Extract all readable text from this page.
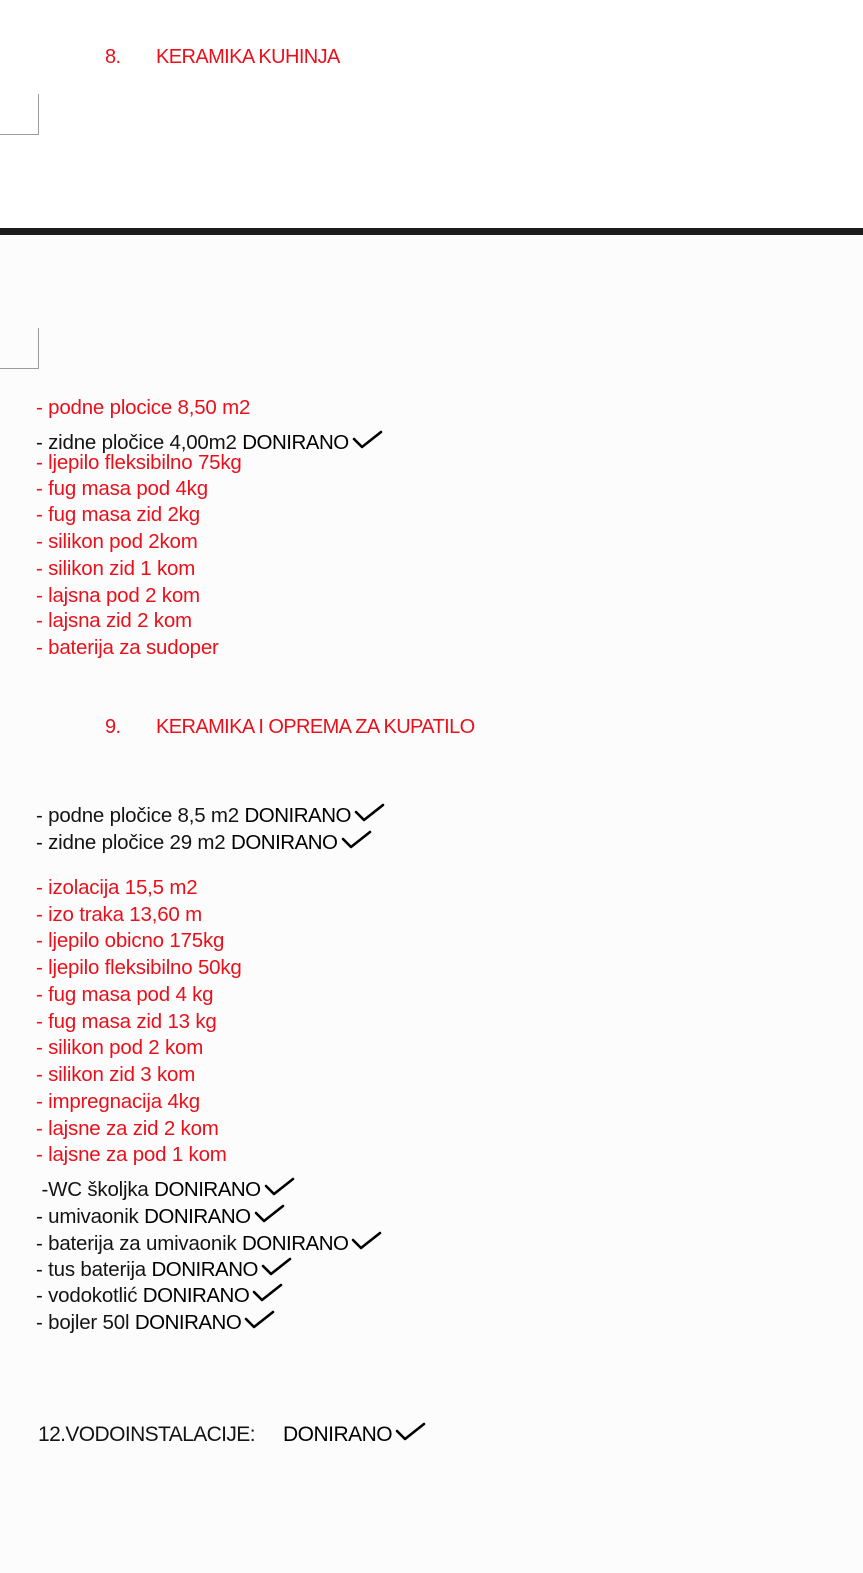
8. KERAMIKA KUHINJA
- podne plocice 8,50 m2
- zidne pločice 4,00m2 DONIRANO
- ljepilo fleksibilno 75kg
- fug masa pod 4kg
- fug masa zid 2kg
- silikon pod 2kom
- silikon zid 1 kom
- lajsna pod 2 kom
- lajsna zid 2 kom
- baterija za sudoper
9. KERAMIKA I OPREMA ZA KUPATILO
- podne pločice 8,5 m2 DONIRANO
- zidne pločice 29 m2 DONIRANO
- izolacija 15,5 m2
- izo traka 13,60 m
- ljepilo obicno 175kg
- ljepilo fleksibilno 50kg
- fug masa pod 4 kg
- fug masa zid 13 kg
- silikon pod 2 kom
- silikon zid 3 kom
- impregnacija 4kg
- lajsne za zid 2 kom
- lajsne za pod 1 kom
-WC školjka DONIRANO
- umivaonik DONIRANO
- baterija za umivaonik DONIRANO
- tus baterija DONIRANO
- vodokotlić DONIRANO
- bojler 50l DONIRANO
12.VODOINSTALACIJE: DONIRANO
